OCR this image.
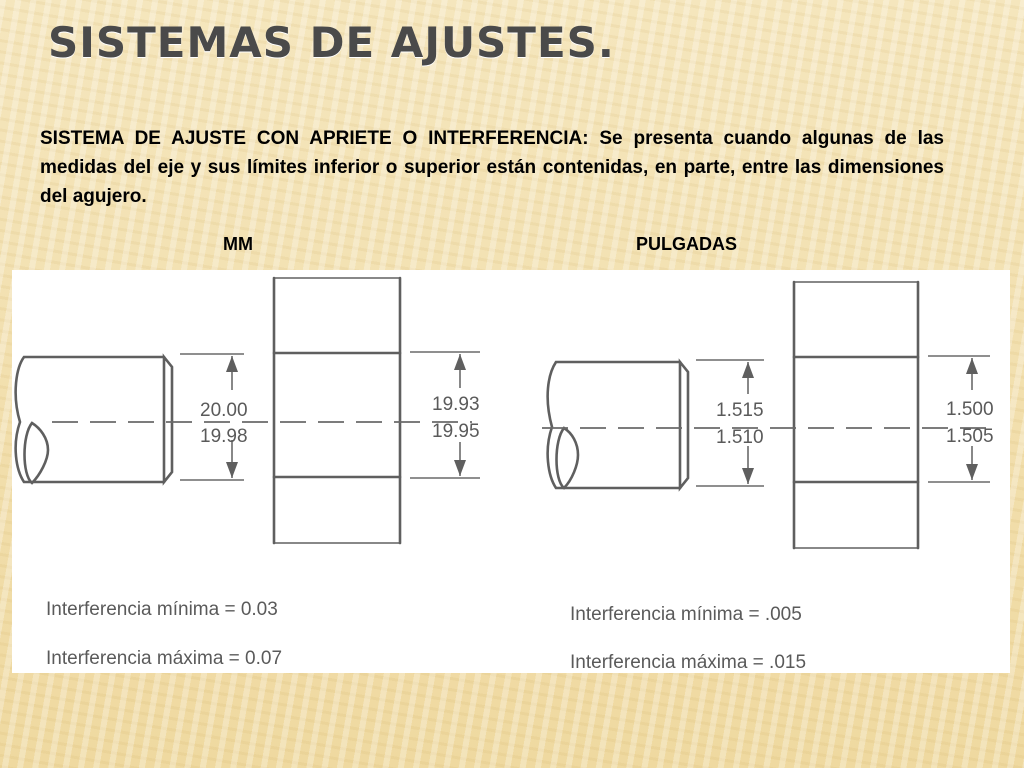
SISTEMAS DE AJUSTES.

SISTEMA DE AJUSTE CON APRIETE O INTERFERENCIA: Se presenta cuando algunas de las medidas del eje y sus límites inferior o superior están contenidas, en parte, entre las dimensiones del agujero.

MM	PULGADAS
20.00
19.98
19.93
19.95
Interferencia mínima = 0.03
Interferencia máxima = 0.07
1.515
1.510
1.500
1.505
Interferencia mínima = .005
Interferencia máxima = .015
